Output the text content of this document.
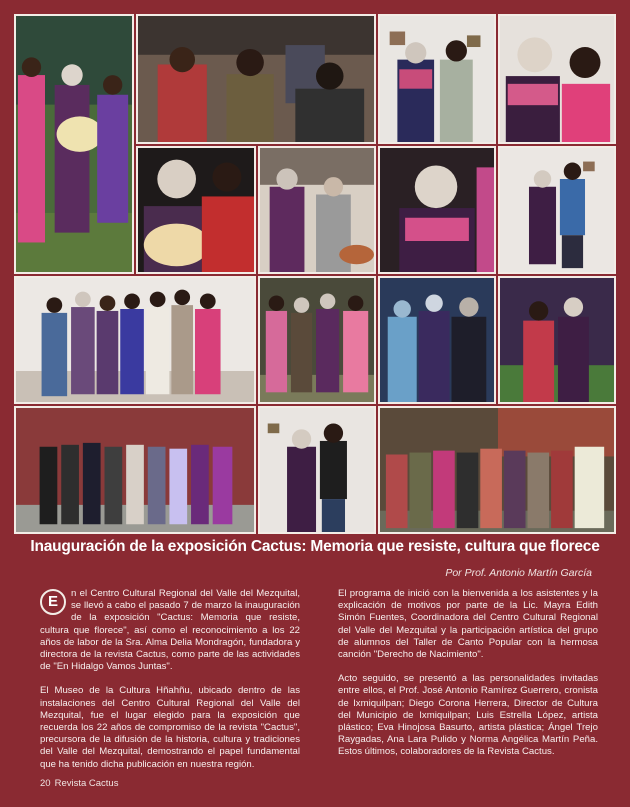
Inauguración de la exposición Cactus: Memoria que resiste, cultura que florece
Por Prof. Antonio Martín García

E	n el Centro Cultural Regional del Valle del Mezquital, se llevó a cabo el pasado 7 de marzo la inauguración de la exposición "Cactus: Memoria que resiste, cultura que florece", así como el reconocimiento a los 22 años de labor de la Sra. Alma Delia Mondragón, fundadora y directora de la revista Cactus, como parte de las actividades de "En Hidalgo Vamos Juntas".

El Museo de la Cultura Hñahñu, ubicado dentro de las instalaciones del Centro Cultural Regional del Valle del Mezquital, fue el lugar elegido para la exposición que recuerda los 22 años de compromiso de la revista "Cactus", precursora de la difusión de la historia, cultura y tradiciones del Valle del Mezquital, demostrando el papel fundamental que ha tenido dicha publicación en nuestra región.

El programa de inició con la bienvenida a los asistentes y la explicación de motivos por parte de la Lic. Mayra Edith Simón Fuentes, Coordinadora del Centro Cultural Regional del Valle del Mezquital y la participación artística del grupo de alumnos del Taller de Canto Popular con la hermosa canción "Derecho de Nacimiento".

Acto seguido, se presentó a las personalidades invitadas entre ellos, el Prof. José Antonio Ramírez Guerrero, cronista de Ixmiquilpan; Diego Corona Herrera, Director de Cultura del Municipio de Ixmiquilpan; Luis Estrella López, artista plástico; Eva Hinojosa Basurto, artista plástica; Ángel Trejo Raygadas, Ana Lara Pulido y Norma Angélica Martín Peña. Estos últimos, colaboradores de la Revista Cactus.

20 Revista Cactus
